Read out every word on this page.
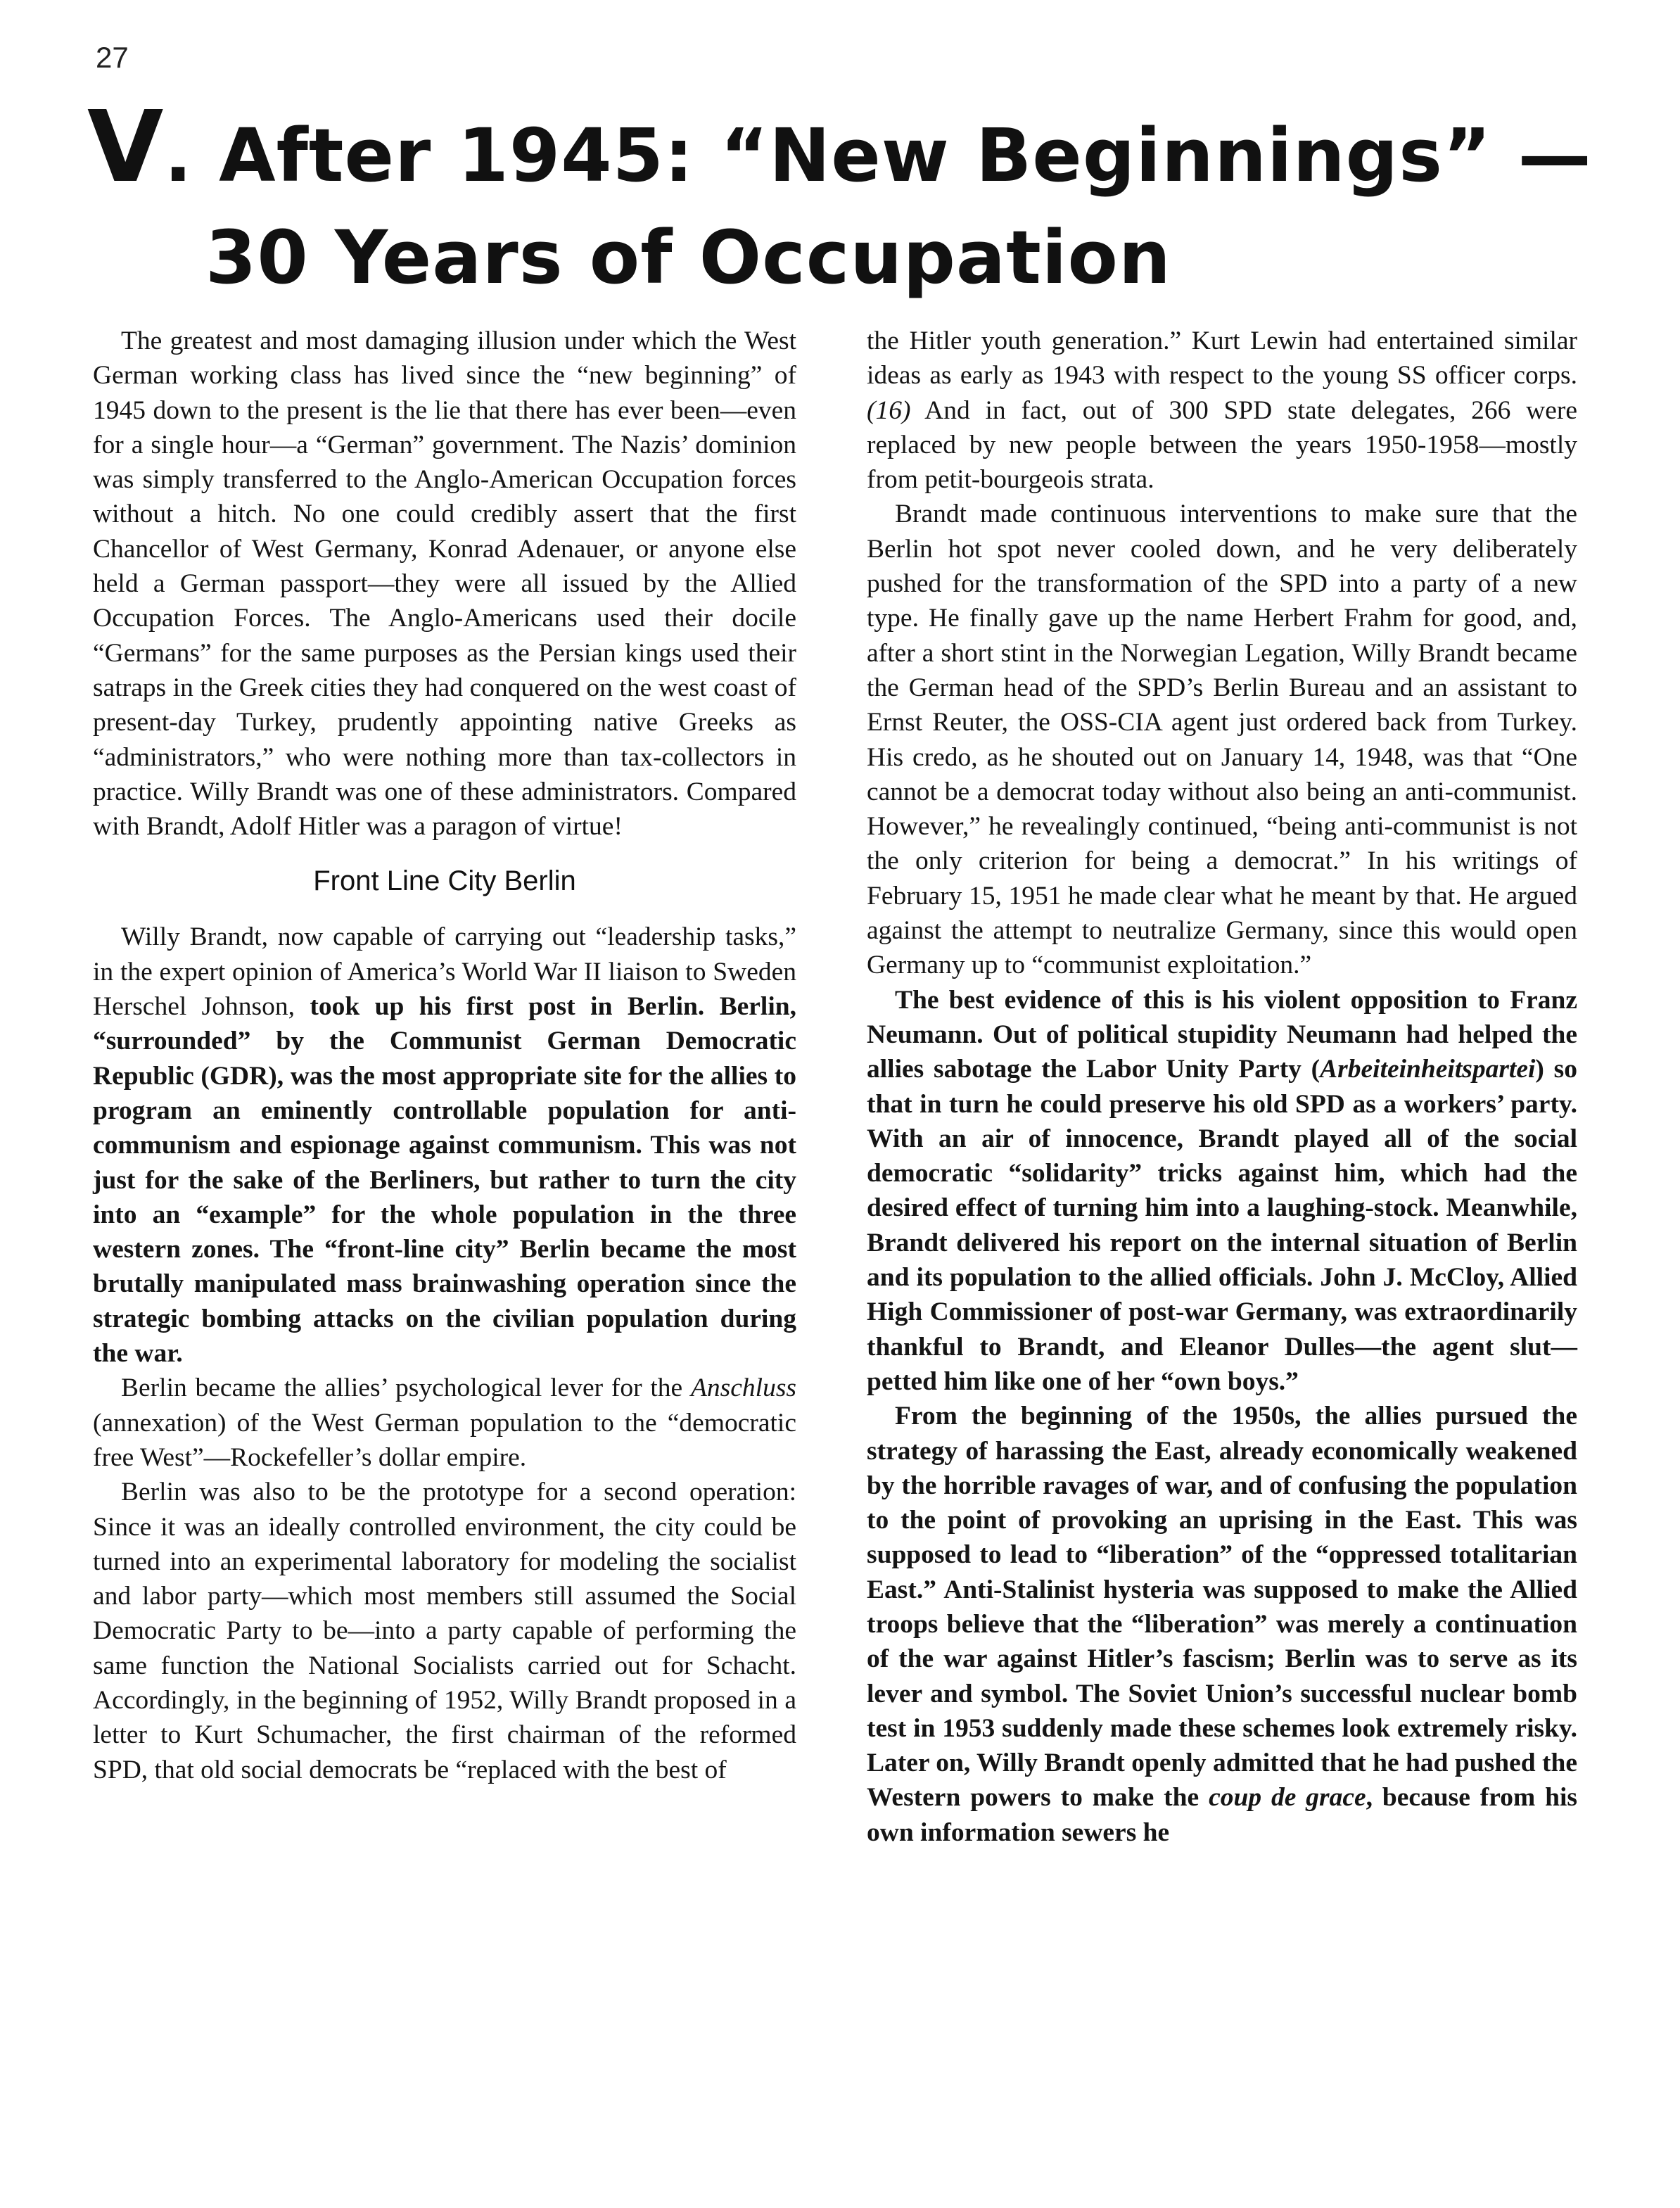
27
V. After 1945: “New Beginnings” —
30 Years of Occupation

The greatest and most damaging illusion under which the West German working class has lived since the “new beginning” of 1945 down to the present is the lie that there has ever been—even for a single hour—a “German” government. The Nazis’ dominion was simply transferred to the Anglo-American Occupation forces without a hitch. No one could credibly assert that the first Chancellor of West Germany, Konrad Adenauer, or anyone else held a German passport—they were all issued by the Allied Occupation Forces. The Anglo-Americans used their docile “Germans” for the same purposes as the Persian kings used their satraps in the Greek cities they had conquered on the west coast of present-day Turkey, prudently appointing native Greeks as “administrators,” who were nothing more than tax-collectors in practice. Willy Brandt was one of these administrators. Compared with Brandt, Adolf Hitler was a paragon of virtue!

Front Line City Berlin

Willy Brandt, now capable of carrying out “leadership tasks,” in the expert opinion of America’s World War II liaison to Sweden Herschel Johnson, took up his first post in Berlin. Berlin, “surrounded” by the Communist German Democratic Republic (GDR), was the most appropriate site for the allies to program an eminently controllable population for anti-communism and espionage against communism. This was not just for the sake of the Berliners, but rather to turn the city into an “example” for the whole population in the three western zones. The “front-line city” Berlin became the most brutally manipulated mass brainwashing operation since the strategic bombing attacks on the civilian population during the war.

Berlin became the allies’ psychological lever for the Anschluss (annexation) of the West German population to the “democratic free West”—Rockefeller’s dollar empire.

Berlin was also to be the prototype for a second operation: Since it was an ideally controlled environment, the city could be turned into an experimental laboratory for modeling the socialist and labor party—which most members still assumed the Social Democratic Party to be—into a party capable of performing the same function the National Socialists carried out for Schacht. Accordingly, in the beginning of 1952, Willy Brandt proposed in a letter to Kurt Schumacher, the first chairman of the reformed SPD, that old social democrats be “replaced with the best of

the Hitler youth generation.” Kurt Lewin had entertained similar ideas as early as 1943 with respect to the young SS officer corps. (16) And in fact, out of 300 SPD state delegates, 266 were replaced by new people between the years 1950-1958—mostly from petit-bourgeois strata.

Brandt made continuous interventions to make sure that the Berlin hot spot never cooled down, and he very deliberately pushed for the transformation of the SPD into a party of a new type. He finally gave up the name Herbert Frahm for good, and, after a short stint in the Norwegian Legation, Willy Brandt became the German head of the SPD’s Berlin Bureau and an assistant to Ernst Reuter, the OSS-CIA agent just ordered back from Turkey. His credo, as he shouted out on January 14, 1948, was that “One cannot be a democrat today without also being an anti-communist. However,” he revealingly continued, “being anti-communist is not the only criterion for being a democrat.” In his writings of February 15, 1951 he made clear what he meant by that. He argued against the attempt to neutralize Germany, since this would open Germany up to “communist exploitation.”

The best evidence of this is his violent opposition to Franz Neumann. Out of political stupidity Neumann had helped the allies sabotage the Labor Unity Party (Arbeiteinheitspartei) so that in turn he could preserve his old SPD as a workers’ party. With an air of innocence, Brandt played all of the social democratic “solidarity” tricks against him, which had the desired effect of turning him into a laughing-stock. Meanwhile, Brandt delivered his report on the internal situation of Berlin and its population to the allied officials. John J. McCloy, Allied High Commissioner of post-war Germany, was extraordinarily thankful to Brandt, and Eleanor Dulles—the agent slut—petted him like one of her “own boys.”

From the beginning of the 1950s, the allies pursued the strategy of harassing the East, already economically weakened by the horrible ravages of war, and of confusing the population to the point of provoking an uprising in the East. This was supposed to lead to “liberation” of the “oppressed totalitarian East.” Anti-Stalinist hysteria was supposed to make the Allied troops believe that the “liberation” was merely a continuation of the war against Hitler’s fascism; Berlin was to serve as its lever and symbol. The Soviet Union’s successful nuclear bomb test in 1953 suddenly made these schemes look extremely risky. Later on, Willy Brandt openly admitted that he had pushed the Western powers to make the coup de grace, because from his own information sewers he
